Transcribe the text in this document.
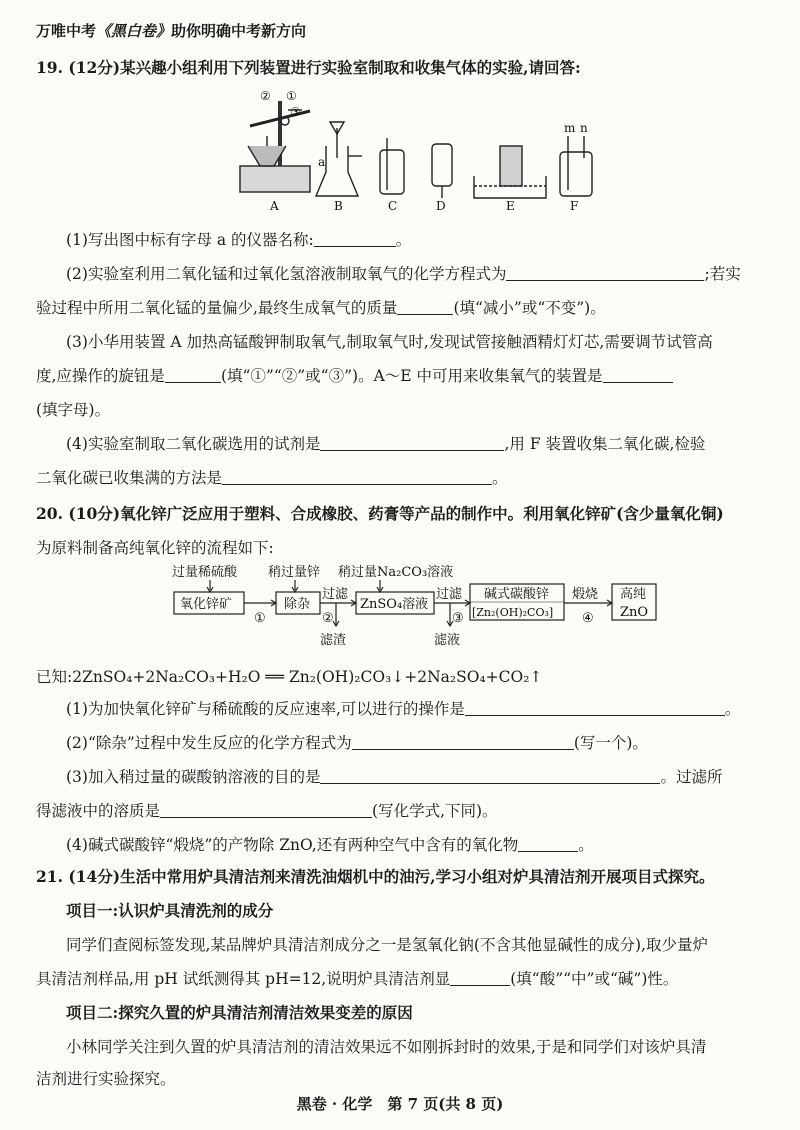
万唯中考《黑白卷》助你明确中考新方向
19. (12分)某兴趣小组利用下列装置进行实验室制取和收集气体的实验,请回答:
A	B	C	D	E	F
a
② ①
③
m n
(1)写出图中标有字母 a 的仪器名称:	。
(2)实验室利用二氧化锰和过氧化氢溶液制取氧气的化学方程式为	;若实
验过程中所用二氧化锰的量偏少,最终生成氧气的质量	(填“减小”或“不变”)。
(3)小华用装置 A 加热高锰酸钾制取氧气,制取氧气时,发现试管接触酒精灯灯芯,需要调节试管高
度,应操作的旋钮是	(填“①”“②”或“③”)。A～E 中可用来收集氧气的装置是
(填字母)。
(4)实验室制取二氧化碳选用的试剂是	,用 F 装置收集二氧化碳,检验
二氧化碳已收集满的方法是	。
20. (10分)氧化锌广泛应用于塑料、合成橡胶、药膏等产品的制作中。利用氧化锌矿(含少量氧化铜)
为原料制备高纯氧化锌的流程如下:
过量稀硫酸 稍过量锌 稍过量Na₂CO₃溶液
氧化锌矿	除杂	ZnSO₄溶液
碱式碳酸锌
[Zn₂(OH)₂CO₃]
高纯
ZnO
过滤	过滤	煅烧
①	②	③	④
滤渣	滤液
已知:2ZnSO₄+2Na₂CO₃+H₂O ══ Zn₂(OH)₂CO₃↓+2Na₂SO₄+CO₂↑
(1)为加快氧化锌矿与稀硫酸的反应速率,可以进行的操作是	。
(2)“除杂”过程中发生反应的化学方程式为	(写一个)。
(3)加入稍过量的碳酸钠溶液的目的是	。过滤所
得滤液中的溶质是	(写化学式,下同)。
(4)碱式碳酸锌“煅烧”的产物除 ZnO,还有两种空气中含有的氧化物	。
21. (14分)生活中常用炉具清洁剂来清洗油烟机中的油污,学习小组对炉具清洁剂开展项目式探究。
项目一:认识炉具清洗剂的成分
同学们查阅标签发现,某品牌炉具清洁剂成分之一是氢氧化钠(不含其他显碱性的成分),取少量炉
具清洁剂样品,用 pH 试纸测得其 pH=12,说明炉具清洁剂显	(填“酸”“中”或“碱”)性。
项目二:探究久置的炉具清洁剂清洁效果变差的原因
小林同学关注到久置的炉具清洁剂的清洁效果远不如刚拆封时的效果,于是和同学们对该炉具清
洁剂进行实验探究。
黑卷 · 化学　第 7 页(共 8 页)
